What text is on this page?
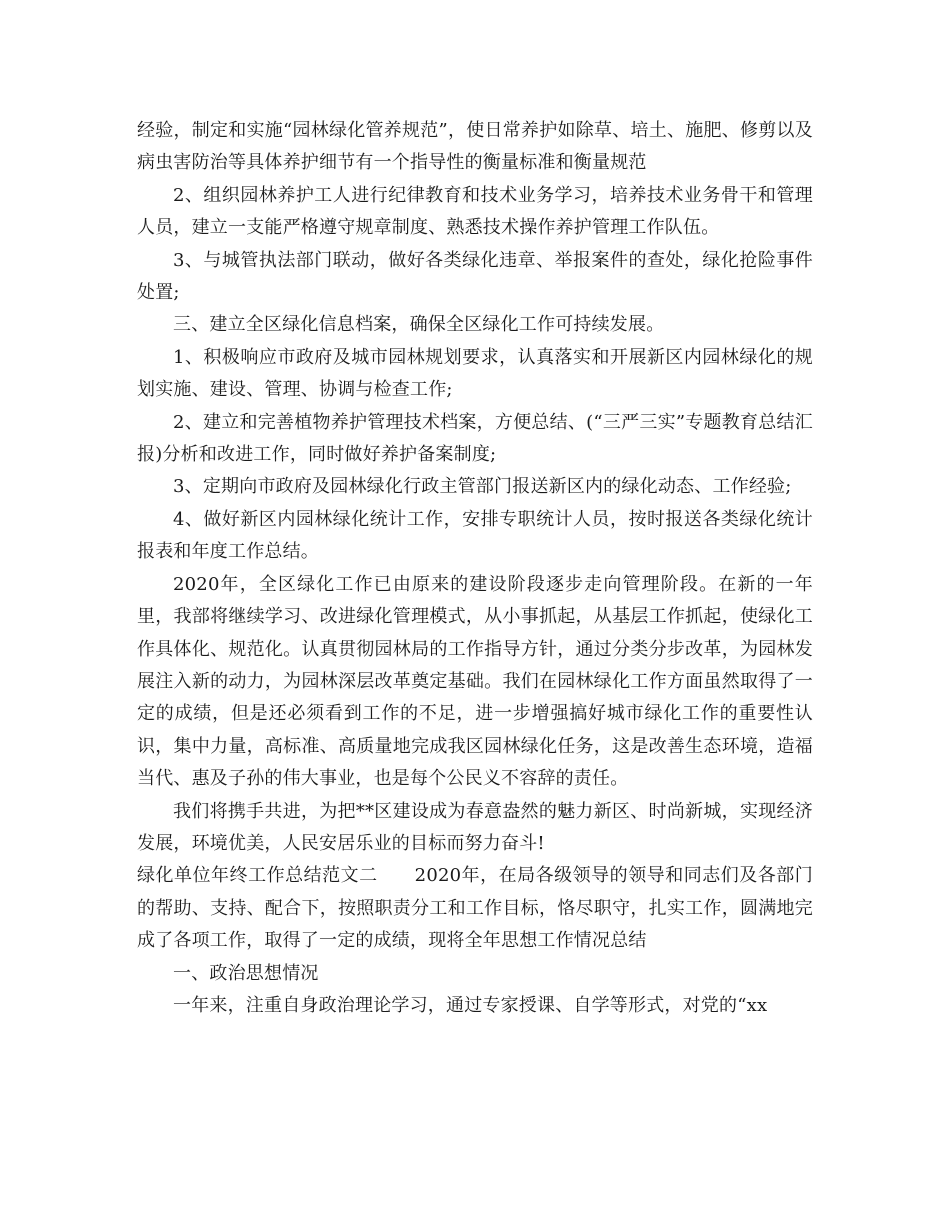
经验，制定和实施“园林绿化管养规范”，使日常养护如除草、培土、施肥、修剪以及病虫害防治等具体养护细节有一个指导性的衡量标准和衡量规范

2、组织园林养护工人进行纪律教育和技术业务学习，培养技术业务骨干和管理人员，建立一支能严格遵守规章制度、熟悉技术操作养护管理工作队伍。

3、与城管执法部门联动，做好各类绿化违章、举报案件的查处，绿化抢险事件处置;

三、建立全区绿化信息档案，确保全区绿化工作可持续发展。

1、积极响应市政府及城市园林规划要求，认真落实和开展新区内园林绿化的规划实施、建设、管理、协调与检查工作;

2、建立和完善植物养护管理技术档案，方便总结、(“三严三实”专题教育总结汇报)分析和改进工作，同时做好养护备案制度;

3、定期向市政府及园林绿化行政主管部门报送新区内的绿化动态、工作经验;

4、做好新区内园林绿化统计工作，安排专职统计人员，按时报送各类绿化统计报表和年度工作总结。

2020年，全区绿化工作已由原来的建设阶段逐步走向管理阶段。在新的一年里，我部将继续学习、改进绿化管理模式，从小事抓起，从基层工作抓起，使绿化工作具体化、规范化。认真贯彻园林局的工作指导方针，通过分类分步改革，为园林发展注入新的动力，为园林深层改革奠定基础。我们在园林绿化工作方面虽然取得了一定的成绩，但是还必须看到工作的不足，进一步增强搞好城市绿化工作的重要性认识，集中力量，高标准、高质量地完成我区园林绿化任务，这是改善生态环境，造福当代、惠及子孙的伟大事业，也是每个公民义不容辞的责任。

我们将携手共进，为把**区建设成为春意盎然的魅力新区、时尚新城，实现经济发展，环境优美，人民安居乐业的目标而努力奋斗!

绿化单位年终工作总结范文二　　2020年，在局各级领导的领导和同志们及各部门的帮助、支持、配合下，按照职责分工和工作目标，恪尽职守，扎实工作，圆满地完成了各项工作，取得了一定的成绩，现将全年思想工作情况总结

一、政治思想情况

一年来，注重自身政治理论学习，通过专家授课、自学等形式，对党的“xx
